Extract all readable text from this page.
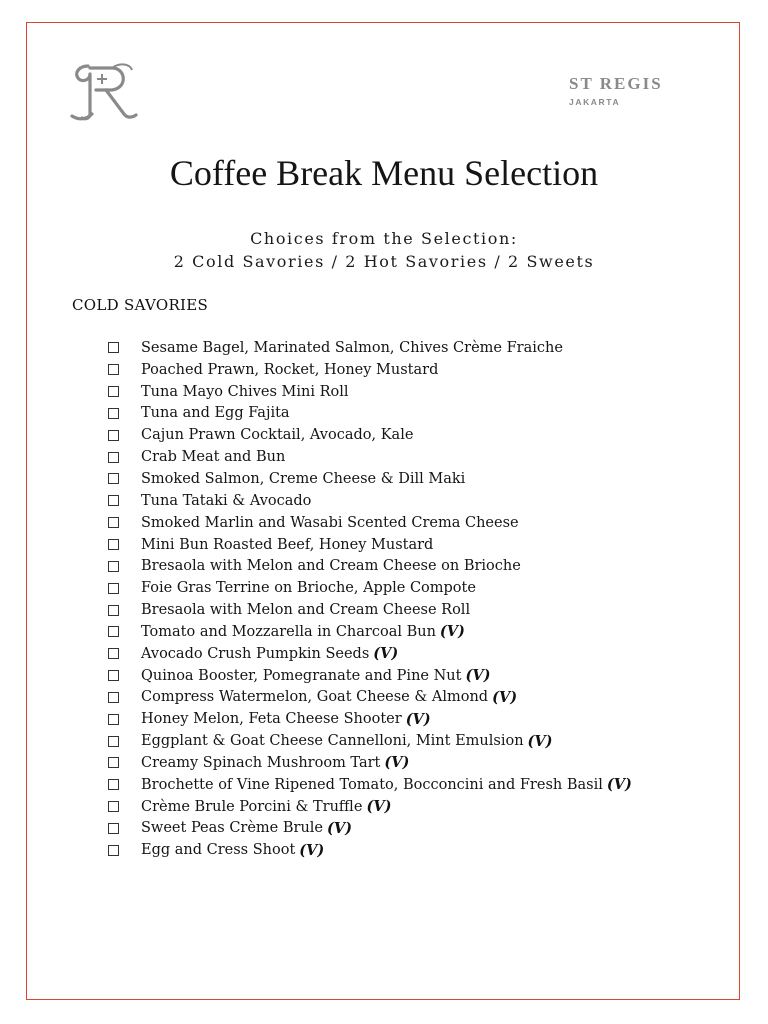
ST REGIS
JAKARTA
Coffee Break Menu Selection
Choices from the Selection:
2 Cold Savories / 2 Hot Savories / 2 Sweets
COLD SAVORIES
Sesame Bagel, Marinated Salmon, Chives Crème Fraiche
Poached Prawn, Rocket, Honey Mustard
Tuna Mayo Chives Mini Roll
Tuna and Egg Fajita
Cajun Prawn Cocktail, Avocado, Kale
Crab Meat and Bun
Smoked Salmon, Creme Cheese & Dill Maki
Tuna Tataki & Avocado
Smoked Marlin and Wasabi Scented Crema Cheese
Mini Bun Roasted Beef, Honey Mustard
Bresaola with Melon and Cream Cheese on Brioche
Foie Gras Terrine on Brioche, Apple Compote
Bresaola with Melon and Cream Cheese Roll
Tomato and Mozzarella in Charcoal Bun (V)
Avocado Crush Pumpkin Seeds (V)
Quinoa Booster, Pomegranate and Pine Nut (V)
Compress Watermelon, Goat Cheese & Almond (V)
Honey Melon, Feta Cheese Shooter (V)
Eggplant & Goat Cheese Cannelloni, Mint Emulsion (V)
Creamy Spinach Mushroom Tart (V)
Brochette of Vine Ripened Tomato, Bocconcini and Fresh Basil (V)
Crème Brule Porcini & Truffle (V)
Sweet Peas Crème Brule (V)
Egg and Cress Shoot (V)
